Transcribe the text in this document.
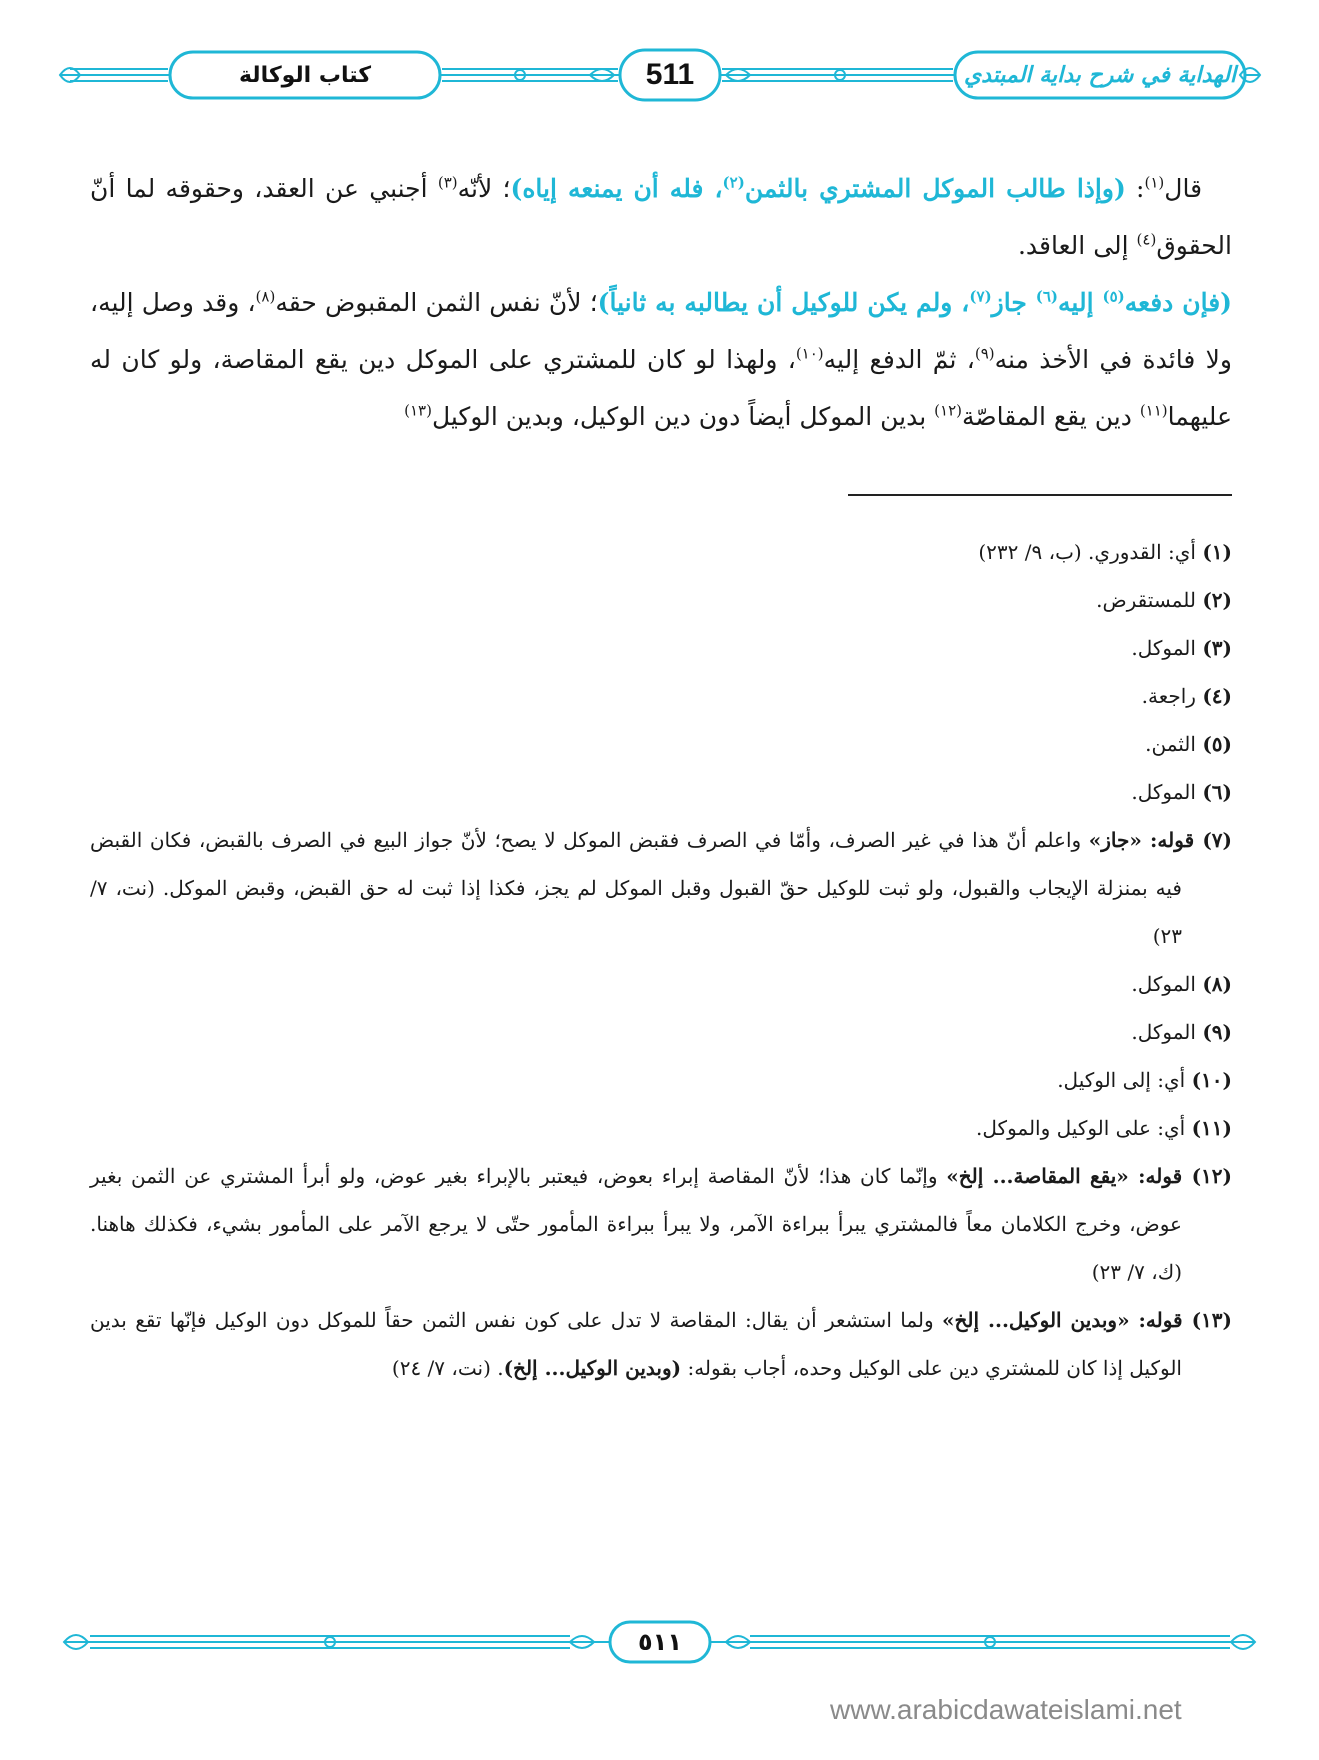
كتاب الوكالة	511	الهداية في شرح بداية المبتدي

قال$^{(١)}$: (وإذا طالب الموكل المشتري بالثمن$^{(٢)}$، فله أن يمنعه إياه)؛ لأنّه$^{(٣)}$ أجنبي عن العقد، وحقوقه لما أنّ الحقوق$^{(٤)}$ إلى العاقد.

(فإن دفعه$^{(٥)}$ إليه$^{(٦)}$ جاز$^{(٧)}$، ولم يكن للوكيل أن يطالبه به ثانياً)؛ لأنّ نفس الثمن المقبوض حقه$^{(٨)}$، وقد وصل إليه، ولا فائدة في الأخذ منه$^{(٩)}$، ثمّ الدفع إليه$^{(١٠)}$، ولهذا لو كان للمشتري على الموكل دين يقع المقاصة، ولو كان له عليهما$^{(١١)}$ دين يقع المقاصّة$^{(١٢)}$ بدين الموكل أيضاً دون دين الوكيل، وبدين الوكيل$^{(١٣)}$

(١) أي: القدوري. (ب، ٩/ ٢٣٢)

(٢) للمستقرض.

(٣) الموكل.

(٤) راجعة.

(٥) الثمن.

(٦) الموكل.

(٧) قوله: «جاز» واعلم أنّ هذا في غير الصرف، وأمّا في الصرف فقبض الموكل لا يصح؛ لأنّ جواز البيع في الصرف بالقبض، فكان القبض فيه بمنزلة الإيجاب والقبول، ولو ثبت للوكيل حقّ القبول وقبل الموكل لم يجز، فكذا إذا ثبت له حق القبض، وقبض الموكل. (نت، ٧/ ٢٣)

(٨) الموكل.

(٩) الموكل.

(١٠) أي: إلى الوكيل.

(١١) أي: على الوكيل والموكل.

(١٢) قوله: «يقع المقاصة... إلخ» وإنّما كان هذا؛ لأنّ المقاصة إبراء بعوض، فيعتبر بالإبراء بغير عوض، ولو أبرأ المشتري عن الثمن بغير عوض، وخرج الكلامان معاً فالمشتري يبرأ ببراءة الآمر، ولا يبرأ ببراءة المأمور حتّى لا يرجع الآمر على المأمور بشيء، فكذلك هاهنا. (ك، ٧/ ٢٣)

(١٣) قوله: «وبدين الوكيل... إلخ» ولما استشعر أن يقال: المقاصة لا تدل على كون نفس الثمن حقاً للموكل دون الوكيل فإنّها تقع بدين الوكيل إذا كان للمشتري دين على الوكيل وحده، أجاب بقوله: (وبدين الوكيل... إلخ). (نت، ٧/ ٢٤)

٥١١
www.arabicdawateislami.net
